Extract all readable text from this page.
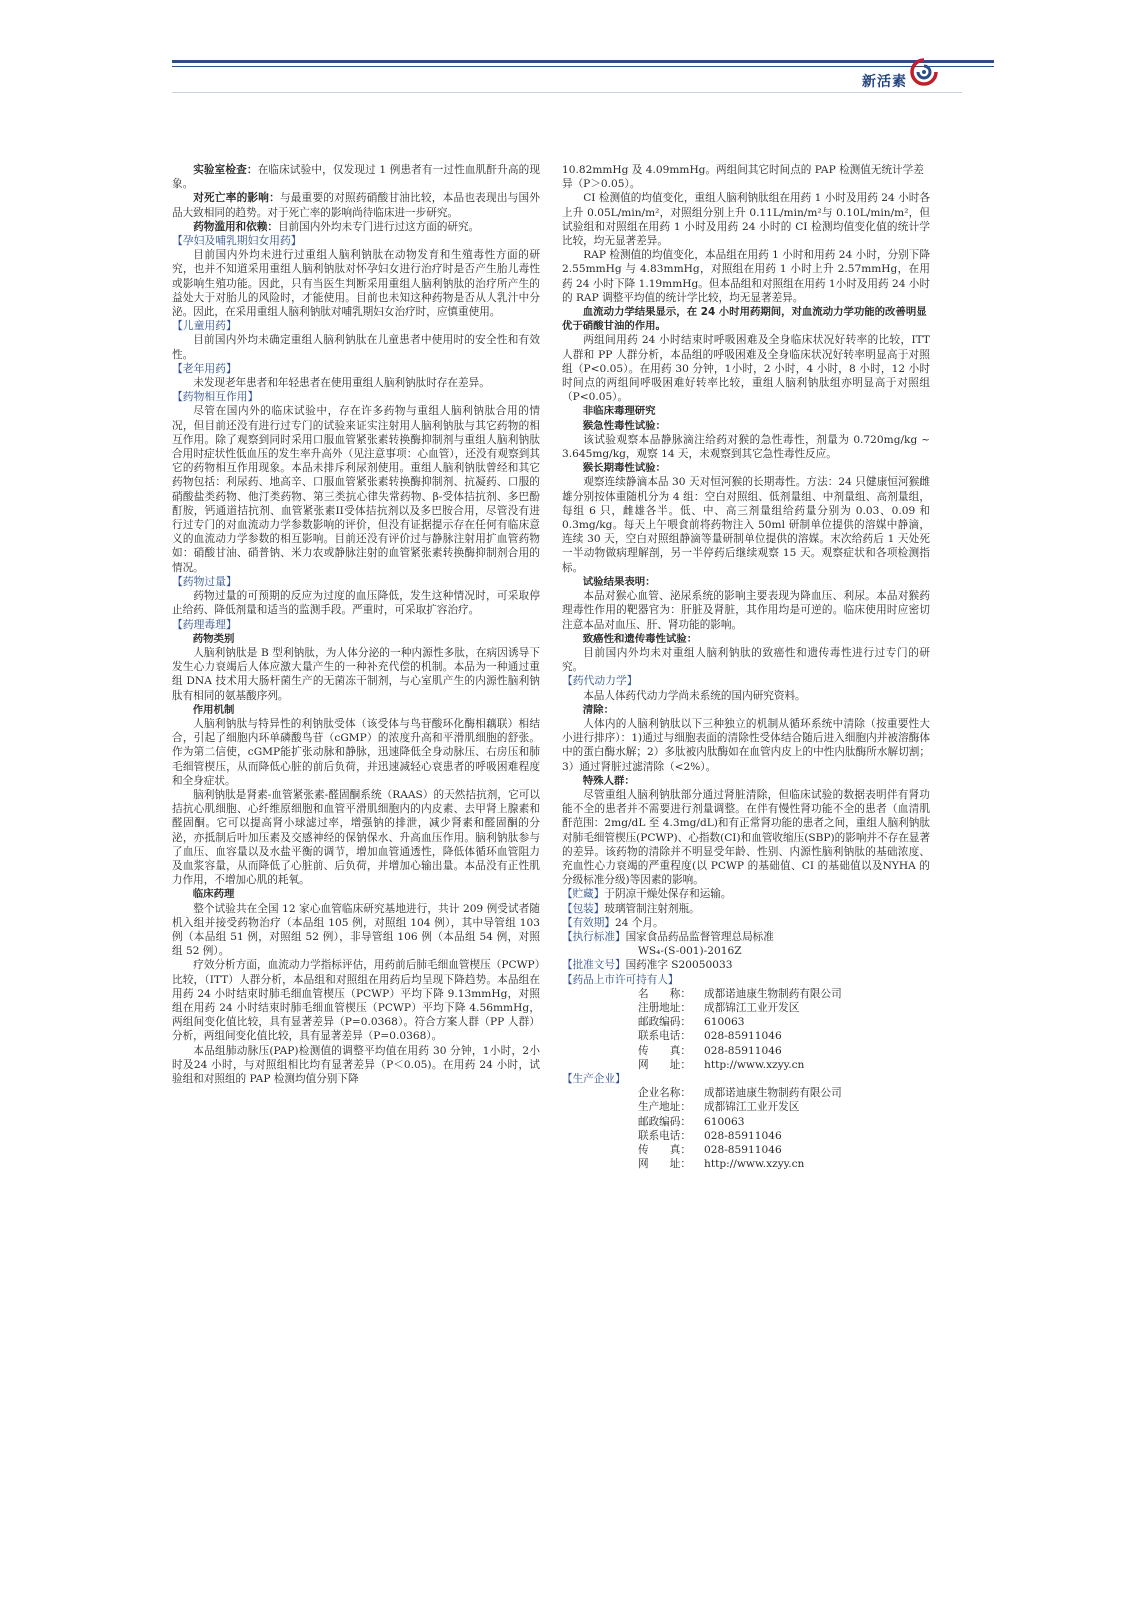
新活素

实验室检查：在临床试验中，仅发现过 1 例患者有一过性血肌酐升高的现象。

对死亡率的影响：与最重要的对照药硝酸甘油比较，本品也表现出与国外品大致相同的趋势。对于死亡率的影响尚待临床进一步研究。

药物滥用和依赖：目前国内外均未专门进行过这方面的研究。

【孕妇及哺乳期妇女用药】

目前国内外均未进行过重组人脑利钠肽在动物发育和生殖毒性方面的研究，也并不知道采用重组人脑利钠肽对怀孕妇女进行治疗时是否产生胎儿毒性或影响生殖功能。因此，只有当医生判断采用重组人脑利钠肽的治疗所产生的益处大于对胎儿的风险时，才能使用。目前也未知这种药物是否从人乳汁中分泌。因此，在采用重组人脑利钠肽对哺乳期妇女治疗时，应慎重使用。

【儿童用药】

目前国内外均未确定重组人脑利钠肽在儿童患者中使用时的安全性和有效性。

【老年用药】

未发现老年患者和年轻患者在使用重组人脑利钠肽时存在差异。

【药物相互作用】

尽管在国内外的临床试验中，存在许多药物与重组人脑利钠肽合用的情况，但目前还没有进行过专门的试验来证实注射用人脑利钠肽与其它药物的相互作用。除了观察到同时采用口服血管紧张素转换酶抑制剂与重组人脑利钠肽合用时症状性低血压的发生率升高外（见注意事项：心血管），还没有观察到其它的药物相互作用现象。本品未排斥利尿剂使用。重组人脑利钠肽曾经和其它药物包括：利尿药、地高辛、口服血管紧张素转换酶抑制剂、抗凝药、口服的硝酸盐类药物、他汀类药物、第三类抗心律失常药物、β-受体拮抗剂、多巴酚酊胺，钙通道拮抗剂、血管紧张素II受体拮抗剂以及多巴胺合用，尽管没有进行过专门的对血流动力学参数影响的评价，但没有证据提示存在任何有临床意义的血流动力学参数的相互影响。目前还没有评价过与静脉注射用扩血管药物如：硝酸甘油、硝普钠、米力农或静脉注射的血管紧张素转换酶抑制剂合用的情况。

【药物过量】

药物过量的可预期的反应为过度的血压降低，发生这种情况时，可采取停止给药、降低剂量和适当的监测手段。严重时，可采取扩容治疗。

【药理毒理】

药物类别

人脑利钠肽是 B 型利钠肽，为人体分泌的一种内源性多肽，在病因诱导下发生心力衰竭后人体应激大量产生的一种补充代偿的机制。本品为一种通过重组 DNA 技术用大肠杆菌生产的无菌冻干制剂，与心室肌产生的内源性脑利钠肽有相同的氨基酸序列。

作用机制

人脑利钠肽与特异性的利钠肽受体（该受体与鸟苷酸环化酶相藕联）相结合，引起了细胞内环单磷酸鸟苷（cGMP）的浓度升高和平滑肌细胞的舒张。作为第二信使，cGMP能扩张动脉和静脉，迅速降低全身动脉压、右房压和肺毛细管楔压，从而降低心脏的前后负荷，并迅速减轻心衰患者的呼吸困难程度和全身症状。

脑利钠肽是肾素-血管紧张素-醛固酮系统（RAAS）的天然拮抗剂，它可以拮抗心肌细胞、心纤维原细胞和血管平滑肌细胞内的内皮素、去甲肾上腺素和醛固酮。它可以提高肾小球滤过率，增强钠的排泄，减少肾素和醛固酮的分泌，亦抵制后叶加压素及交感神经的保钠保水、升高血压作用。脑利钠肽参与了血压、血容量以及水盐平衡的调节，增加血管通透性，降低体循环血管阻力及血浆容量，从而降低了心脏前、后负荷，并增加心输出量。本品没有正性肌力作用，不增加心肌的耗氧。

临床药理

整个试验共在全国 12 家心血管临床研究基地进行，共计 209 例受试者随机入组并接受药物治疗（本品组 105 例，对照组 104 例），其中导管组 103 例（本品组 51 例，对照组 52 例），非导管组 106 例（本品组 54 例，对照组 52 例）。

疗效分析方面，血流动力学指标评估，用药前后肺毛细血管楔压（PCWP）比较，（ITT）人群分析，本品组和对照组在用药后均呈现下降趋势。本品组在用药 24 小时结束时肺毛细血管楔压（PCWP）平均下降 9.13mmHg，对照组在用药 24 小时结束时肺毛细血管楔压（PCWP）平均下降 4.56mmHg，两组间变化值比较，具有显著差异（P=0.0368）。符合方案人群（PP 人群）分析，两组间变化值比较，具有显著差异（P=0.0368）。

本品组肺动脉压(PAP)检测值的调整平均值在用药 30 分钟，1小时，2小时及24 小时，与对照组相比均有显著差异（P＜0.05)。在用药 24 小时，试验组和对照组的 PAP 检测均值分别下降

10.82mmHg 及 4.09mmHg。两组间其它时间点的 PAP 检测值无统计学差异（P＞0.05）。

CI 检测值的均值变化，重组人脑利钠肽组在用药 1 小时及用药 24 小时各上升 0.05L/min/m²，对照组分别上升 0.11L/min/m²与 0.10L/min/m²，但试验组和对照组在用药 1 小时及用药 24 小时的 CI 检测均值变化值的统计学比较，均无显著差异。

RAP 检测值的均值变化，本品组在用药 1 小时和用药 24 小时，分别下降 2.55mmHg 与 4.83mmHg，对照组在用药 1 小时上升 2.57mmHg，在用药 24 小时下降 1.19mmHg。但本品组和对照组在用药 1小时及用药 24 小时的 RAP 调整平均值的统计学比较，均无显著差异。

血流动力学结果显示，在 24 小时用药期间，对血流动力学功能的改善明显优于硝酸甘油的作用。

两组间用药 24 小时结束时呼吸困难及全身临床状况好转率的比较，ITT 人群和 PP 人群分析，本品组的呼吸困难及全身临床状况好转率明显高于对照组（P<0.05）。在用药 30 分钟，1小时，2 小时，4 小时，8 小时，12 小时时间点的两组间呼吸困难好转率比较，重组人脑利钠肽组亦明显高于对照组（P<0.05）。

非临床毒理研究

猴急性毒性试验：

该试验观察本品静脉滴注给药对猴的急性毒性，剂量为 0.720mg/kg ~ 3.645mg/kg，观察 14 天，未观察到其它急性毒性反应。

猴长期毒性试验：

观察连续静滴本品 30 天对恒河猴的长期毒性。方法：24 只健康恒河猴雌雄分别按体重随机分为 4 组：空白对照组、低剂量组、中剂量组、高剂量组，每组 6 只，雌雄各半。低、中、高三剂量组给药量分别为 0.03、0.09 和 0.3mg/kg。每天上午喂食前将药物注入 50ml 研制单位提供的溶媒中静滴，连续 30 天，空白对照组静滴等量研制单位提供的溶媒。末次给药后 1 天处死一半动物做病理解剖，另一半停药后继续观察 15 天。观察症状和各项检测指标。

试验结果表明：

本品对猴心血管、泌尿系统的影响主要表现为降血压、利尿。本品对猴药理毒性作用的靶器官为：肝脏及肾脏，其作用均是可逆的。临床使用时应密切注意本品对血压、肝、肾功能的影响。

致癌性和遗传毒性试验：

目前国内外均未对重组人脑利钠肽的致癌性和遗传毒性进行过专门的研究。

【药代动力学】

本品人体药代动力学尚未系统的国内研究资料。

清除：

人体内的人脑利钠肽以下三种独立的机制从循环系统中清除（按重要性大小进行排序）：1)通过与细胞表面的清除性受体结合随后进入细胞内并被溶酶体中的蛋白酶水解；2）多肽被内肽酶如在血管内皮上的中性内肽酶所水解切割；3）通过肾脏过滤清除（<2%）。

特殊人群：

尽管重组人脑利钠肽部分通过肾脏清除，但临床试验的数据表明伴有肾功能不全的患者并不需要进行剂量调整。在伴有慢性肾功能不全的患者（血清肌酐范围：2mg/dL 至 4.3mg/dL)和有正常肾功能的患者之间，重组人脑利钠肽对肺毛细管楔压(PCWP)、心指数(CI)和血管收缩压(SBP)的影响并不存在显著的差异。该药物的清除并不明显受年龄、性别、内源性脑利钠肽的基础浓度、充血性心力衰竭的严重程度(以 PCWP 的基础值、CI 的基础值以及NYHA 的分级标准分级)等因素的影响。

【贮藏】于阴凉干燥处保存和运输。

【包装】玻璃管制注射剂瓶。

【有效期】24 个月。

【执行标准】国家食品药品监督管理总局标准
WS₄-(S-001)-2016Z

【批准文号】国药准字 S20050033

【药品上市许可持有人】

名　　称： 成都诺迪康生物制药有限公司

注册地址： 成都锦江工业开发区

邮政编码： 610063

联系电话： 028-85911046

传　　真： 028-85911046

网　　址： http://www.xzyy.cn

【生产企业】

企业名称： 成都诺迪康生物制药有限公司

生产地址： 成都锦江工业开发区

邮政编码： 610063

联系电话： 028-85911046

传　　真： 028-85911046

网　　址： http://www.xzyy.cn
